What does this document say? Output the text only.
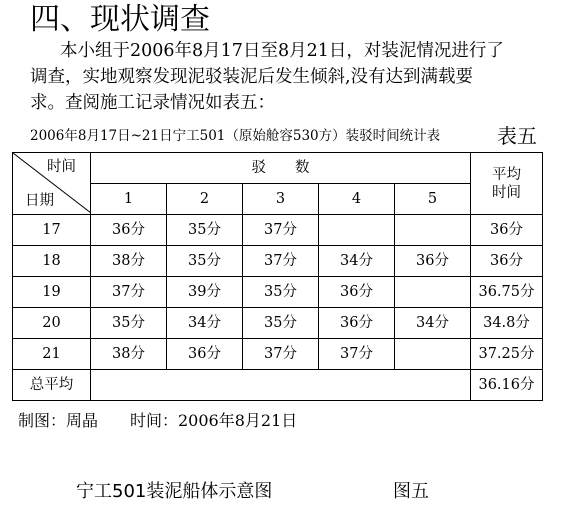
四、现状调查
本小组于2006年8月17日至8月21日，对装泥情况进行了
调查，实地观察发现泥驳装泥后发生倾斜,没有达到满载要
求。查阅施工记录情况如表五：
2006年8月17日~21日宁工501（原始舱容530方）装驳时间统计表	表五
时间
日期	驳　　数					平均
时间
	1	2	3	4	5	
17	36分	35分	37分			36分
18	38分	35分	37分	34分	36分	36分
19	37分	39分	35分	36分		36.75分
20	35分	34分	35分	36分	34分	34.8分
21	38分	36分	37分	37分		37.25分
总平均						36.16分
制图：周晶　　时间：2006年8月21日
宁工501装泥船体示意图	图五
